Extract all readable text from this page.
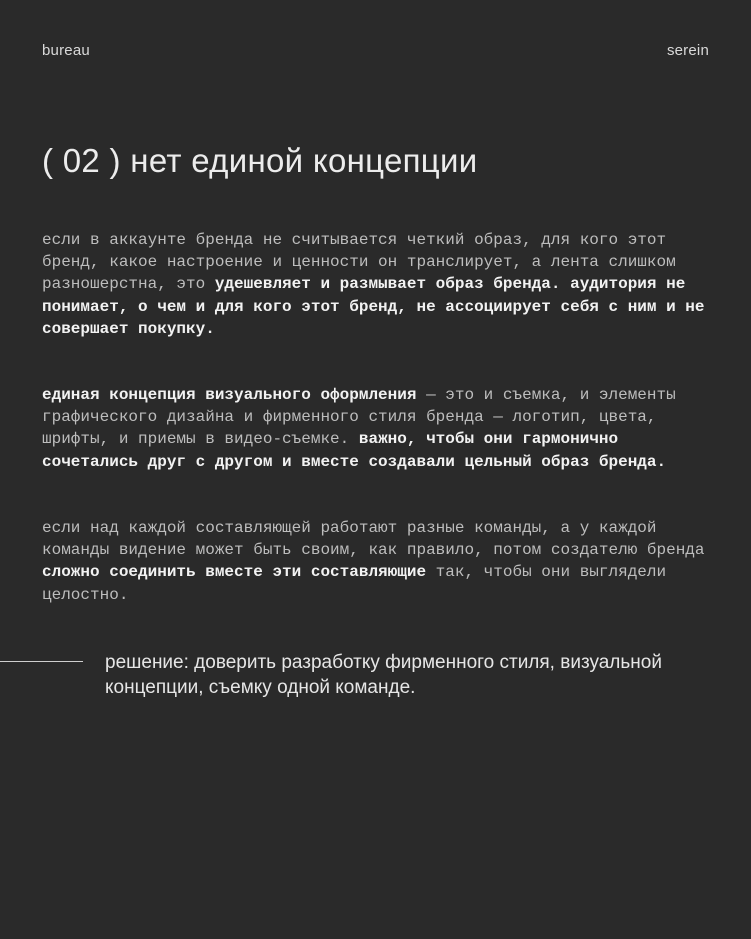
bureau	serein
( 02 ) нет единой концепции

если в аккаунте бренда не считывается четкий образ, для кого этот бренд, какое настроение и ценности он транслирует, а лента слишком разношерстна, это удешевляет и размывает образ бренда. аудитория не понимает, о чем и для кого этот бренд, не ассоциирует себя с ним и не совершает покупку.

единая концепция визуального оформления — это и съемка, и элементы графического дизайна и фирменного стиля бренда — логотип, цвета, шрифты, и приемы в видео-съемке. важно, чтобы они гармонично сочетались друг с другом и вместе создавали цельный образ бренда.

если над каждой составляющей работают разные команды, а у каждой команды видение может быть своим, как правило, потом создателю бренда сложно соединить вместе эти составляющие так, чтобы они выглядели целостно.

решение: доверить разработку фирменного стиля, визуальной концепции, съемку одной команде.
